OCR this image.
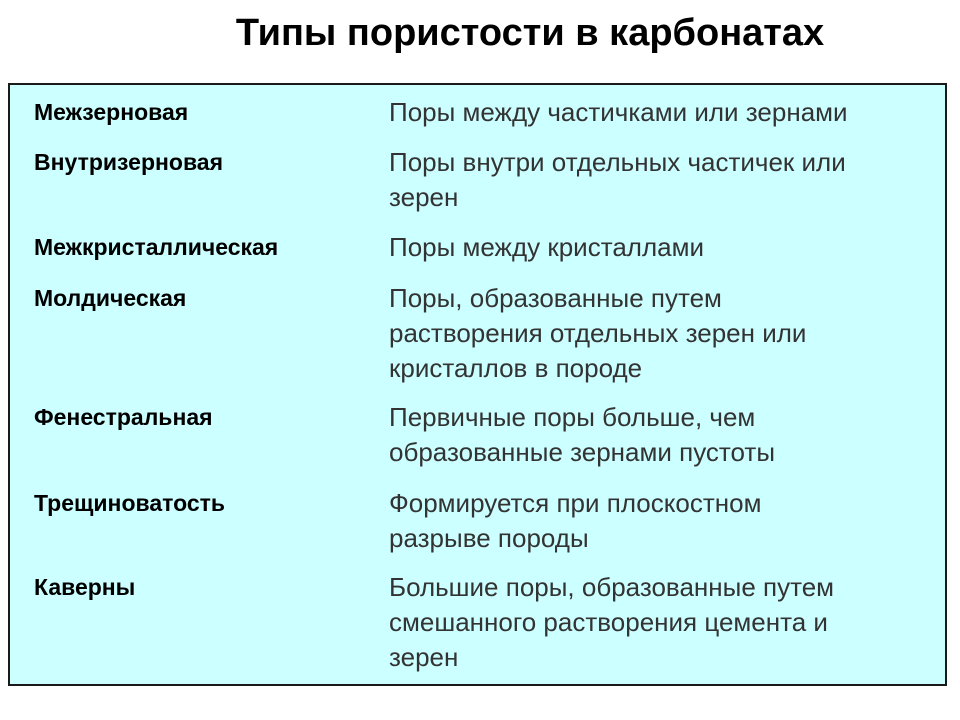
Типы пористости в карбонатах
Межзерновая	Поры между частичками или зернами
Внутризерновая	Поры внутри отдельных частичек или
зерен
Межкристаллическая	Поры между кристаллами
Молдическая	Поры, образованные путем
растворения отдельных зерен или
кристаллов в породе
Фенестральная	Первичные поры больше, чем
образованные зернами пустоты
Трещиноватость	Формируется при плоскостном
разрыве породы
Каверны	Большие поры, образованные путем
смешанного растворения цемента и
зерен
